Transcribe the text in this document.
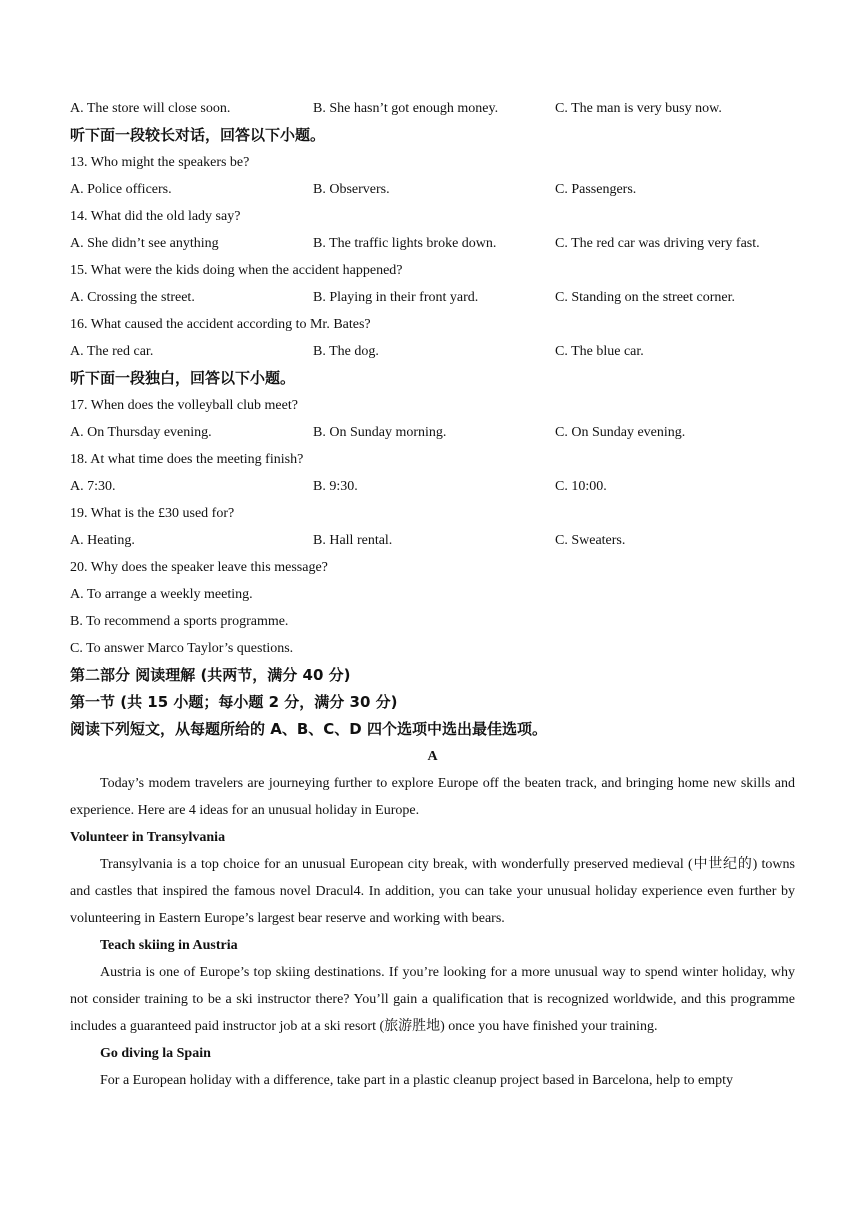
A. The store will close soon.	B. She hasn’t got enough money.	C. The man is very busy now.
听下面一段较长对话，回答以下小题。
13. Who might the speakers be?
A. Police officers.	B. Observers.	C. Passengers.
14. What did the old lady say?
A. She didn’t see anything	B. The traffic lights broke down.	C. The red car was driving very fast.
15. What were the kids doing when the accident happened?
A. Crossing the street.	B. Playing in their front yard.	C. Standing on the street corner.
16. What caused the accident according to Mr. Bates?
A. The red car.	B. The dog.	C. The blue car.
听下面一段独白，回答以下小题。
17. When does the volleyball club meet?
A. On Thursday evening.	B. On Sunday morning.	C. On Sunday evening.
18. At what time does the meeting finish?
A. 7:30.	B. 9:30.	C. 10:00.
19. What is the £30 used for?
A. Heating.	B. Hall rental.	C. Sweaters.
20. Why does the speaker leave this message?
A. To arrange a weekly meeting.
B. To recommend a sports programme.
C. To answer Marco Taylor’s questions.
第二部分 阅读理解 (共两节，满分 40 分)
第一节 (共 15 小题；每小题 2 分，满分 30 分)
阅读下列短文，从每题所给的 A、B、C、D 四个选项中选出最佳选项。
A
Today’s modem travelers are journeying further to explore Europe off the beaten track, and bringing home new skills and experience. Here are 4 ideas for an unusual holiday in Europe.
Volunteer in Transylvania
Transylvania is a top choice for an unusual European city break, with wonderfully preserved medieval (中世纪的) towns and castles that inspired the famous novel Dracul4. In addition, you can take your unusual holiday experience even further by volunteering in Eastern Europe’s largest bear reserve and working with bears.
Teach skiing in Austria
Austria is one of Europe’s top skiing destinations. If you’re looking for a more unusual way to spend winter holiday, why not consider training to be a ski instructor there? You’ll gain a qualification that is recognized worldwide, and this programme includes a guaranteed paid instructor job at a ski resort (旅游胜地) once you have finished your training.
Go diving la Spain
For a European holiday with a difference, take part in a plastic cleanup project based in Barcelona, help to empty
